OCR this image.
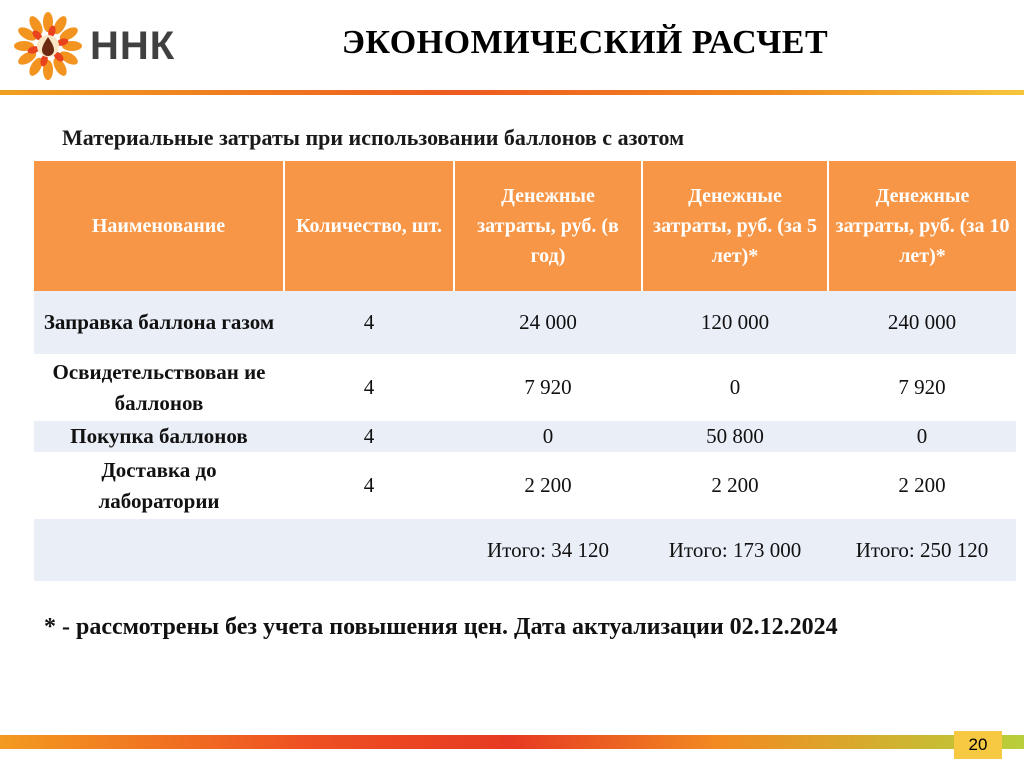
ННК	ЭКОНОМИЧЕСКИЙ РАСЧЕТ
Материальные затраты при использовании баллонов с азотом
Наименование	Количество, шт.	Денежные затраты, руб. (в год)	Денежные затраты, руб. (за 5 лет)*	Денежные затраты, руб. (за 10 лет)*
Заправка баллона газом	4	24 000	120 000	240 000
Освидетельствован ие баллонов	4	7 920	0	7 920
Покупка баллонов	4	0	50 800	0
Доставка до лаборатории	4	2 200	2 200	2 200
		Итого: 34 120	Итого: 173 000	Итого: 250 120
* - рассмотрены без учета повышения цен. Дата актуализации 02.12.2024
20
